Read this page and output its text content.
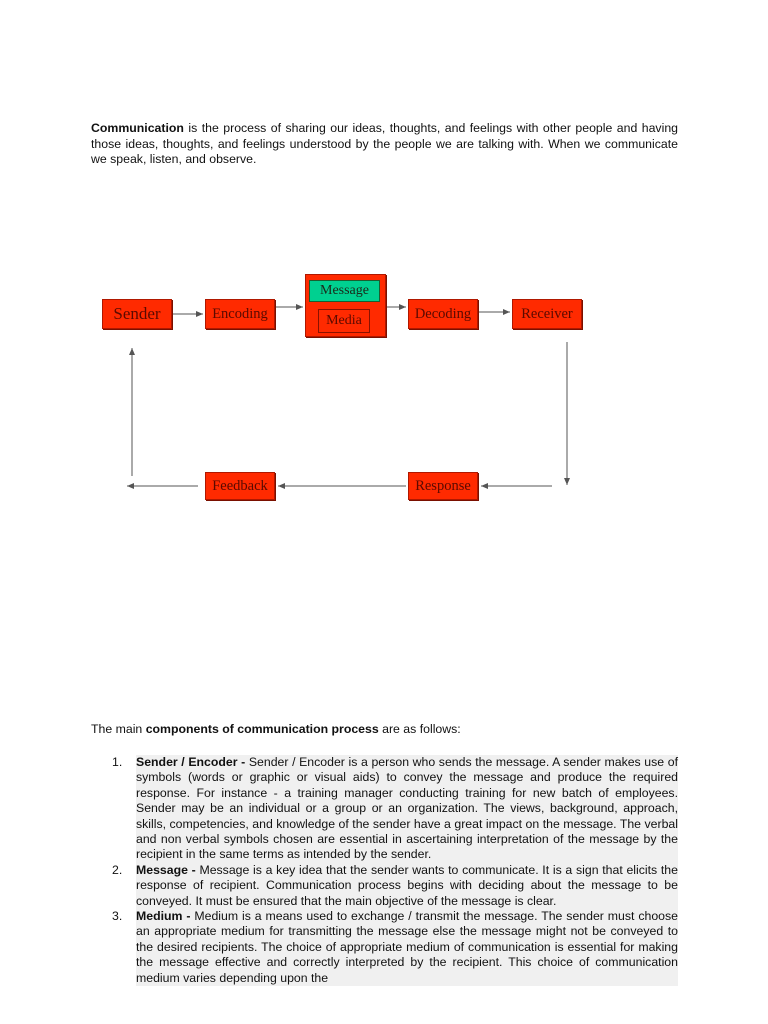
Communication is the process of sharing our ideas, thoughts, and feelings with other people and having those ideas, thoughts, and feelings understood by the people we are talking with. When we communicate we speak, listen, and observe.

Sender	Encoding
Message
Media	Decoding	Receiver
Response
Feedback

The main components of communication process are as follows:

1. Sender / Encoder - Sender / Encoder is a person who sends the message. A sender makes use of symbols (words or graphic or visual aids) to convey the message and produce the required response. For instance - a training manager conducting training for new batch of employees. Sender may be an individual or a group or an organization. The views, background, approach, skills, competencies, and knowledge of the sender have a great impact on the message. The verbal and non verbal symbols chosen are essential in ascertaining interpretation of the message by the recipient in the same terms as intended by the sender.
2. Message - Message is a key idea that the sender wants to communicate. It is a sign that elicits the response of recipient. Communication process begins with deciding about the message to be conveyed. It must be ensured that the main objective of the message is clear.
3. Medium - Medium is a means used to exchange / transmit the message. The sender must choose an appropriate medium for transmitting the message else the message might not be conveyed to the desired recipients. The choice of appropriate medium of communication is essential for making the message effective and correctly interpreted by the recipient. This choice of communication medium varies depending upon the
